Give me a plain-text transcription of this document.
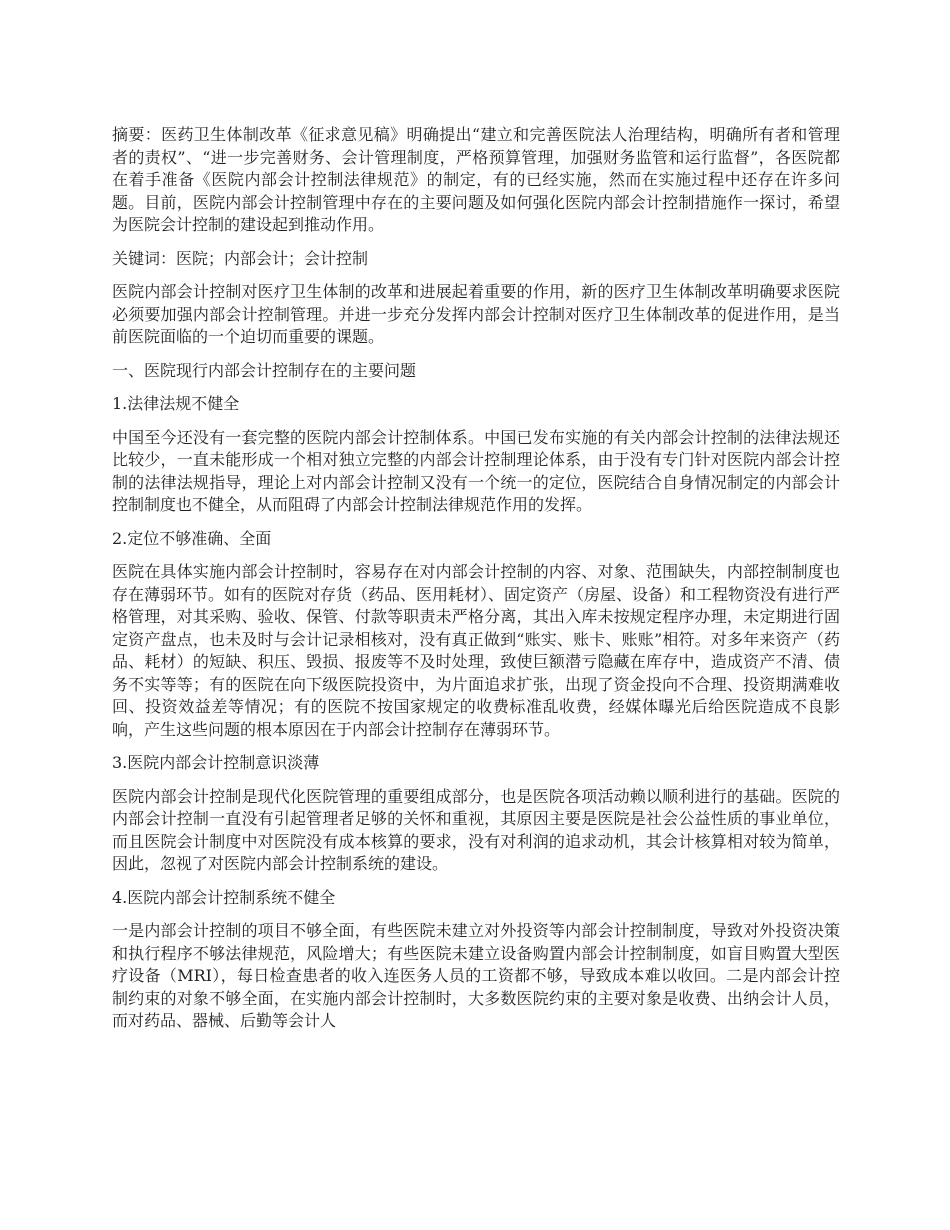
摘要：医药卫生体制改革《征求意见稿》明确提出“建立和完善医院法人治理结构，明确所有者和管理者的责权”、“进一步完善财务、会计管理制度，严格预算管理，加强财务监管和运行监督”，各医院都在着手准备《医院内部会计控制法律规范》的制定，有的已经实施，然而在实施过程中还存在许多问题。目前，医院内部会计控制管理中存在的主要问题及如何强化医院内部会计控制措施作一探讨，希望为医院会计控制的建设起到推动作用。

关键词：医院；内部会计；会计控制

医院内部会计控制对医疗卫生体制的改革和进展起着重要的作用，新的医疗卫生体制改革明确要求医院必须要加强内部会计控制管理。并进一步充分发挥内部会计控制对医疗卫生体制改革的促进作用，是当前医院面临的一个迫切而重要的课题。

一、医院现行内部会计控制存在的主要问题

1.法律法规不健全

中国至今还没有一套完整的医院内部会计控制体系。中国已发布实施的有关内部会计控制的法律法规还比较少，一直未能形成一个相对独立完整的内部会计控制理论体系，由于没有专门针对医院内部会计控制的法律法规指导，理论上对内部会计控制又没有一个统一的定位，医院结合自身情况制定的内部会计控制制度也不健全，从而阻碍了内部会计控制法律规范作用的发挥。

2.定位不够准确、全面

医院在具体实施内部会计控制时，容易存在对内部会计控制的内容、对象、范围缺失，内部控制制度也存在薄弱环节。如有的医院对存货（药品、医用耗材）、固定资产（房屋、设备）和工程物资没有进行严格管理，对其采购、验收、保管、付款等职责未严格分离，其出入库未按规定程序办理，未定期进行固定资产盘点，也未及时与会计记录相核对，没有真正做到“账实、账卡、账账”相符。对多年来资产（药品、耗材）的短缺、积压、毁损、报废等不及时处理，致使巨额潜亏隐藏在库存中，造成资产不清、债务不实等等；有的医院在向下级医院投资中，为片面追求扩张，出现了资金投向不合理、投资期满难收回、投资效益差等情况；有的医院不按国家规定的收费标准乱收费，经媒体曝光后给医院造成不良影响，产生这些问题的根本原因在于内部会计控制存在薄弱环节。

3.医院内部会计控制意识淡薄

医院内部会计控制是现代化医院管理的重要组成部分，也是医院各项活动赖以顺利进行的基础。医院的内部会计控制一直没有引起管理者足够的关怀和重视，其原因主要是医院是社会公益性质的事业单位，而且医院会计制度中对医院没有成本核算的要求，没有对利润的追求动机，其会计核算相对较为简单，因此，忽视了对医院内部会计控制系统的建设。

4.医院内部会计控制系统不健全

一是内部会计控制的项目不够全面，有些医院未建立对外投资等内部会计控制制度，导致对外投资决策和执行程序不够法律规范，风险增大；有些医院未建立设备购置内部会计控制制度，如盲目购置大型医疗设备（MRI），每日检查患者的收入连医务人员的工资都不够，导致成本难以收回。二是内部会计控制约束的对象不够全面，在实施内部会计控制时，大多数医院约束的主要对象是收费、出纳会计人员，而对药品、器械、后勤等会计人
